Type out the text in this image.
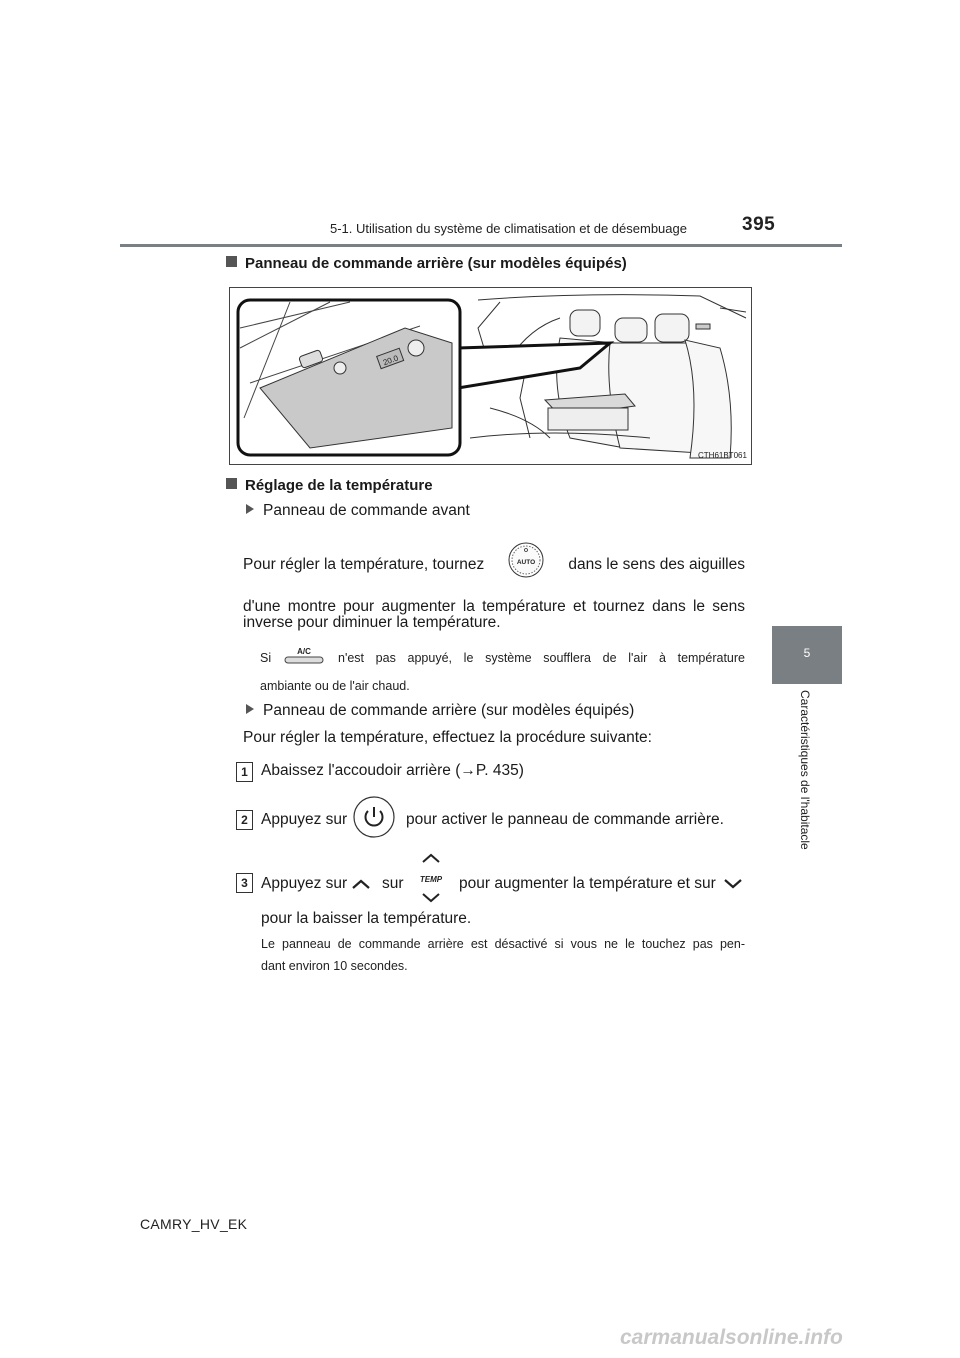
5-1. Utilisation du système de climatisation et de désembuage	395
5
Caractéristiques de l'habitacle
Panneau de commande arrière (sur modèles équipés)
20.0
CTH61BT061
Réglage de la température
Panneau de commande avant
Pour régler la température, tournez	AUTO	dans le sens des aiguilles
d'une montre pour augmenter la température et tournez dans le sens
inverse pour diminuer la température.
Si	A/C n'est pas appuyé, le système soufflera de l'air à température
ambiante ou de l'air chaud.
Panneau de commande arrière (sur modèles équipés)
Pour régler la température, effectuez la procédure suivante:
1 Abaissez l'accoudoir arrière (→P. 435)
2 Appuyez sur	pour activer le panneau de commande arrière.
3 Appuyez sur sur TEMP pour augmenter la température et sur
pour la baisser la température.
Le panneau de commande arrière est désactivé si vous ne le touchez pas pen-
dant environ 10 secondes.
CAMRY_HV_EK
carmanualsonline.info
